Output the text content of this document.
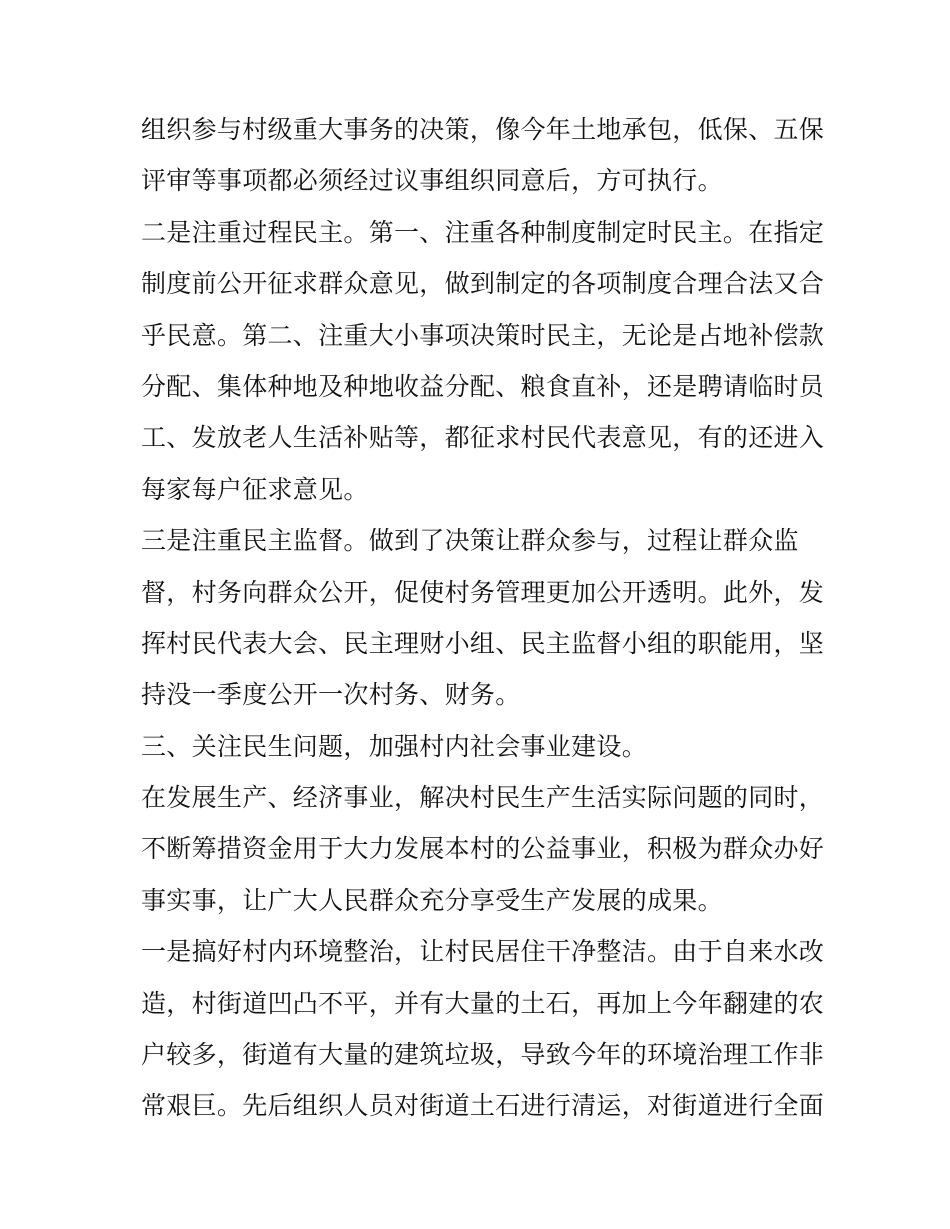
组织参与村级重大事务的决策，像今年土地承包，低保、五保
评审等事项都必须经过议事组织同意后，方可执行。
二是注重过程民主。第一、注重各种制度制定时民主。在指定
制度前公开征求群众意见，做到制定的各项制度合理合法又合
乎民意。第二、注重大小事项决策时民主，无论是占地补偿款
分配、集体种地及种地收益分配、粮食直补，还是聘请临时员
工、发放老人生活补贴等，都征求村民代表意见，有的还进入
每家每户征求意见。
三是注重民主监督。做到了决策让群众参与，过程让群众监
督，村务向群众公开，促使村务管理更加公开透明。此外，发
挥村民代表大会、民主理财小组、民主监督小组的职能用，坚
持没一季度公开一次村务、财务。
三、关注民生问题，加强村内社会事业建设。
在发展生产、经济事业，解决村民生产生活实际问题的同时，
不断筹措资金用于大力发展本村的公益事业，积极为群众办好
事实事，让广大人民群众充分享受生产发展的成果。
一是搞好村内环境整治，让村民居住干净整洁。由于自来水改
造，村街道凹凸不平，并有大量的土石，再加上今年翻建的农
户较多，街道有大量的建筑垃圾，导致今年的环境治理工作非
常艰巨。先后组织人员对街道土石进行清运，对街道进行全面
